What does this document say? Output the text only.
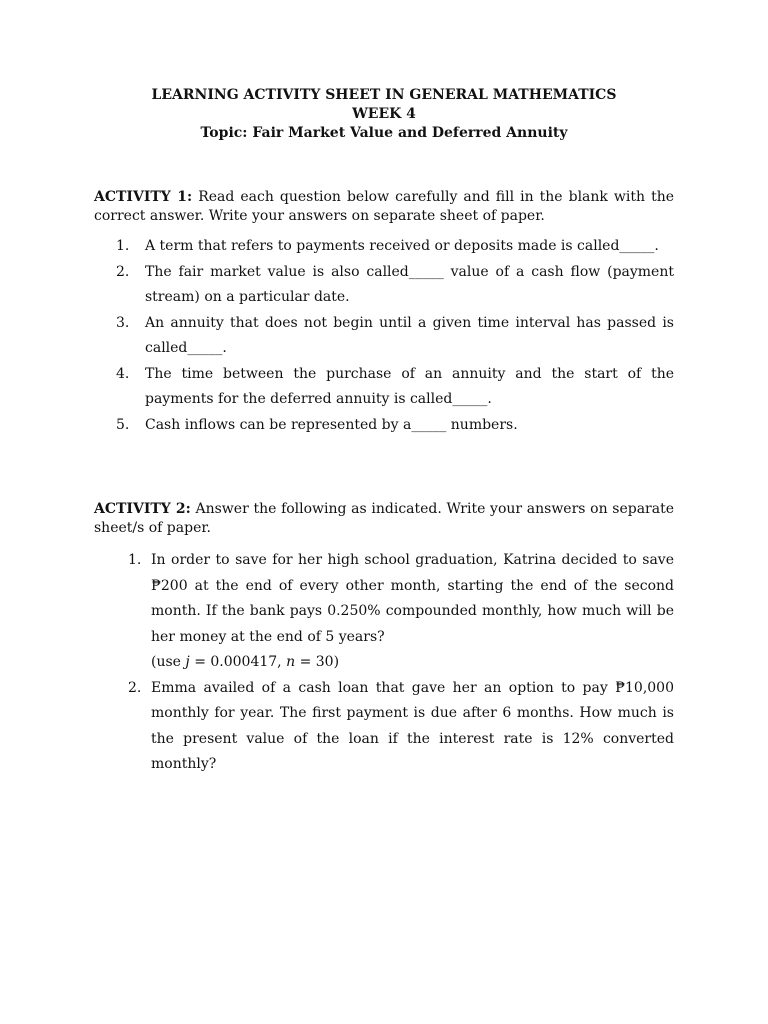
LEARNING ACTIVITY SHEET IN GENERAL MATHEMATICS
WEEK 4
Topic: Fair Market Value and Deferred Annuity

ACTIVITY 1: Read each question below carefully and fill in the blank with the correct answer. Write your answers on separate sheet of paper.

1. A term that refers to payments received or deposits made is called_____.
2. The fair market value is also called_____ value of a cash flow (payment stream) on a particular date.
3. An annuity that does not begin until a given time interval has passed is called_____.
4. The time between the purchase of an annuity and the start of the payments for the deferred annuity is called_____.
5. Cash inflows can be represented by a_____ numbers.

ACTIVITY 2: Answer the following as indicated. Write your answers on separate sheet/s of paper.

1. In order to save for her high school graduation, Katrina decided to save ₱200 at the end of every other month, starting the end of the second month. If the bank pays 0.250% compounded monthly, how much will be her money at the end of 5 years?
(use j = 0.000417, n = 30)
2. Emma availed of a cash loan that gave her an option to pay ₱10,000 monthly for year. The first payment is due after 6 months. How much is the present value of the loan if the interest rate is 12% converted monthly?
